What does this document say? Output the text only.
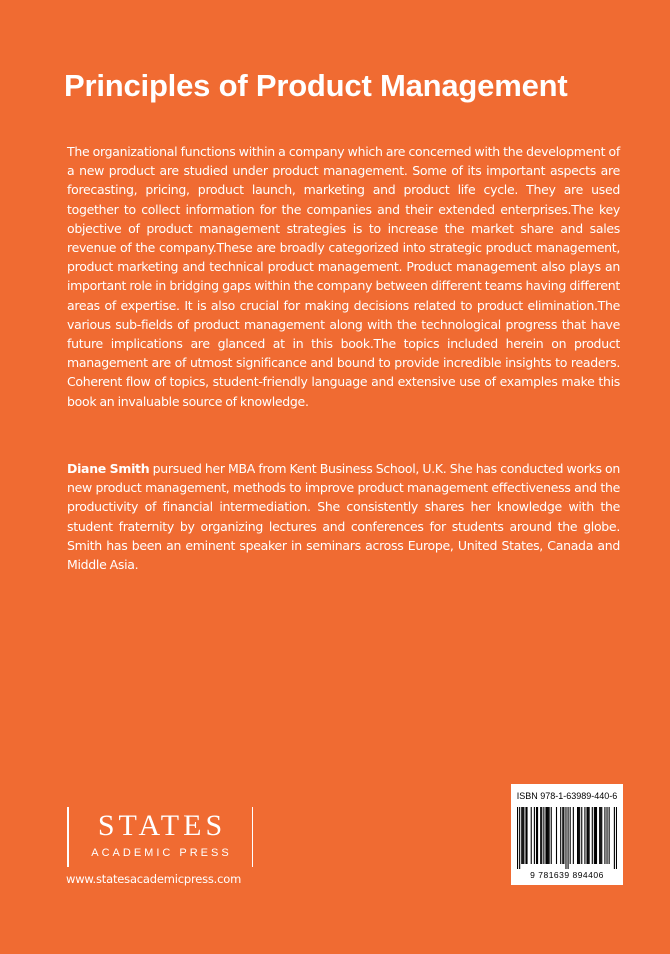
Principles of Product Management

The organizational functions within a company which are concerned with the development of a new product are studied under product management. Some of its important aspects are forecasting, pricing, product launch, marketing and product life cycle. They are used together to collect information for the companies and their extended enterprises.The key objective of product management strategies is to increase the market share and sales revenue of the company.These are broadly categorized into strategic product management, product marketing and technical product management. Product management also plays an important role in bridging gaps within the company between different teams having different areas of expertise. It is also crucial for making decisions related to product elimination.The various sub-fields of product management along with the technological progress that have future implications are glanced at in this book.The topics included herein on product management are of utmost significance and bound to provide incredible insights to readers. Coherent flow of topics, student-friendly language and extensive use of examples make this book an invaluable source of knowledge.

Diane Smith pursued her MBA from Kent Business School, U.K. She has conducted works on new product management, methods to improve product management effectiveness and the productivity of financial intermediation. She consistently shares her knowledge with the student fraternity by organizing lectures and conferences for students around the globe. Smith has been an eminent speaker in seminars across Europe, United States, Canada and Middle Asia.

STATES
ACADEMIC PRESS
www.statesacademicpress.com
ISBN 978-1-63989-440-6
9 781639 894406
